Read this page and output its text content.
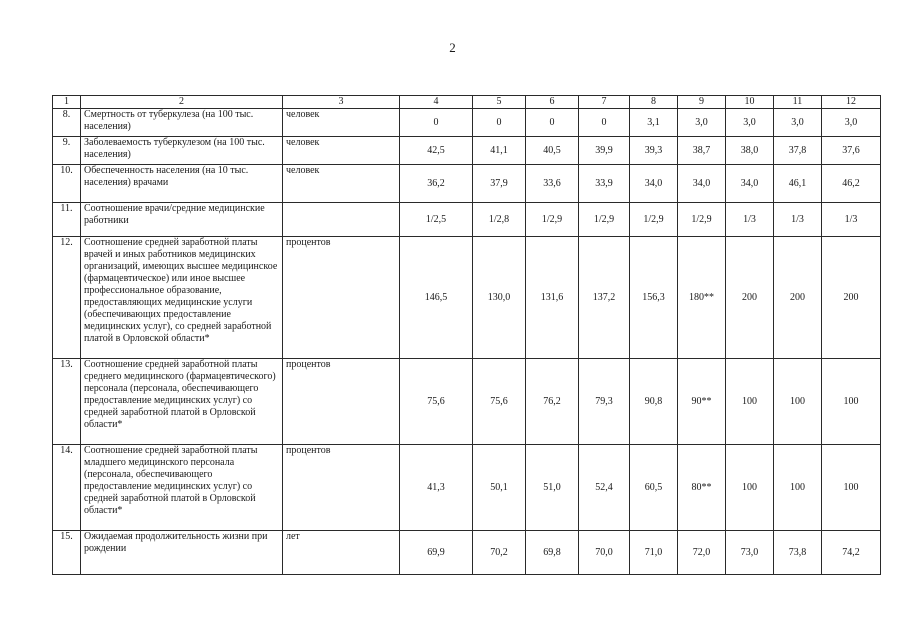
2
1	2	3	4	5	6	7	8	9	10	11	12
8.	Смертность от туберкулеза (на 100 тыс. населения)	человек	0	0	0	0	3,1	3,0	3,0	3,0	3,0
9.	Заболеваемость туберкулезом (на 100 тыс. населения)	человек	42,5	41,1	40,5	39,9	39,3	38,7	38,0	37,8	37,6
10.	Обеспеченность населения (на 10 тыс. населения) врачами	человек	36,2	37,9	33,6	33,9	34,0	34,0	34,0	46,1	46,2
11.	Соотношение врачи/средние медицинские работники		1/2,5	1/2,8	1/2,9	1/2,9	1/2,9	1/2,9	1/3	1/3	1/3
12.	Соотношение средней заработной платы врачей и иных работников медицинских организаций, имеющих высшее медицинское (фармацевтическое) или иное высшее профессиональное образование, предоставляющих медицинские услуги (обеспечивающих предоставление медицинских услуг), со средней заработной платой в Орловской области*	процентов	146,5	130,0	131,6	137,2	156,3	180**	200	200	200
13.	Соотношение средней заработной платы среднего медицинского (фармацевтического) персонала (персонала, обеспечивающего предоставление медицинских услуг) со средней заработной платой в Орловской области*	процентов	75,6	75,6	76,2	79,3	90,8	90**	100	100	100
14.	Соотношение средней заработной платы младшего медицинского персонала (персонала, обеспечивающего предоставление медицинских услуг) со средней заработной платой в Орловской области*	процентов	41,3	50,1	51,0	52,4	60,5	80**	100	100	100
15.	Ожидаемая продолжительность жизни при рождении	лет	69,9	70,2	69,8	70,0	71,0	72,0	73,0	73,8	74,2
